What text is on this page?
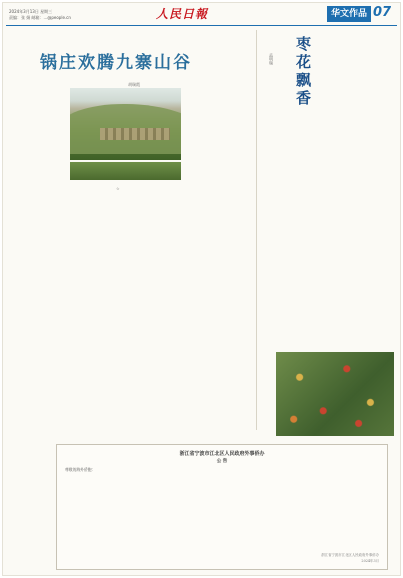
2024年3月13日 星期三
责编：张 娟 邮箱：...@people.cn	人民日報	华文作品 07
锅庄欢腾九寨山谷
胡瑞霞
☆

枣花飘香
孟明瑞

浙江省宁波市江北区人民政府外事侨办
公 告
尊敬的海外侨胞：

浙江省宁波市江北区人民政府外事侨办
2024年3月
